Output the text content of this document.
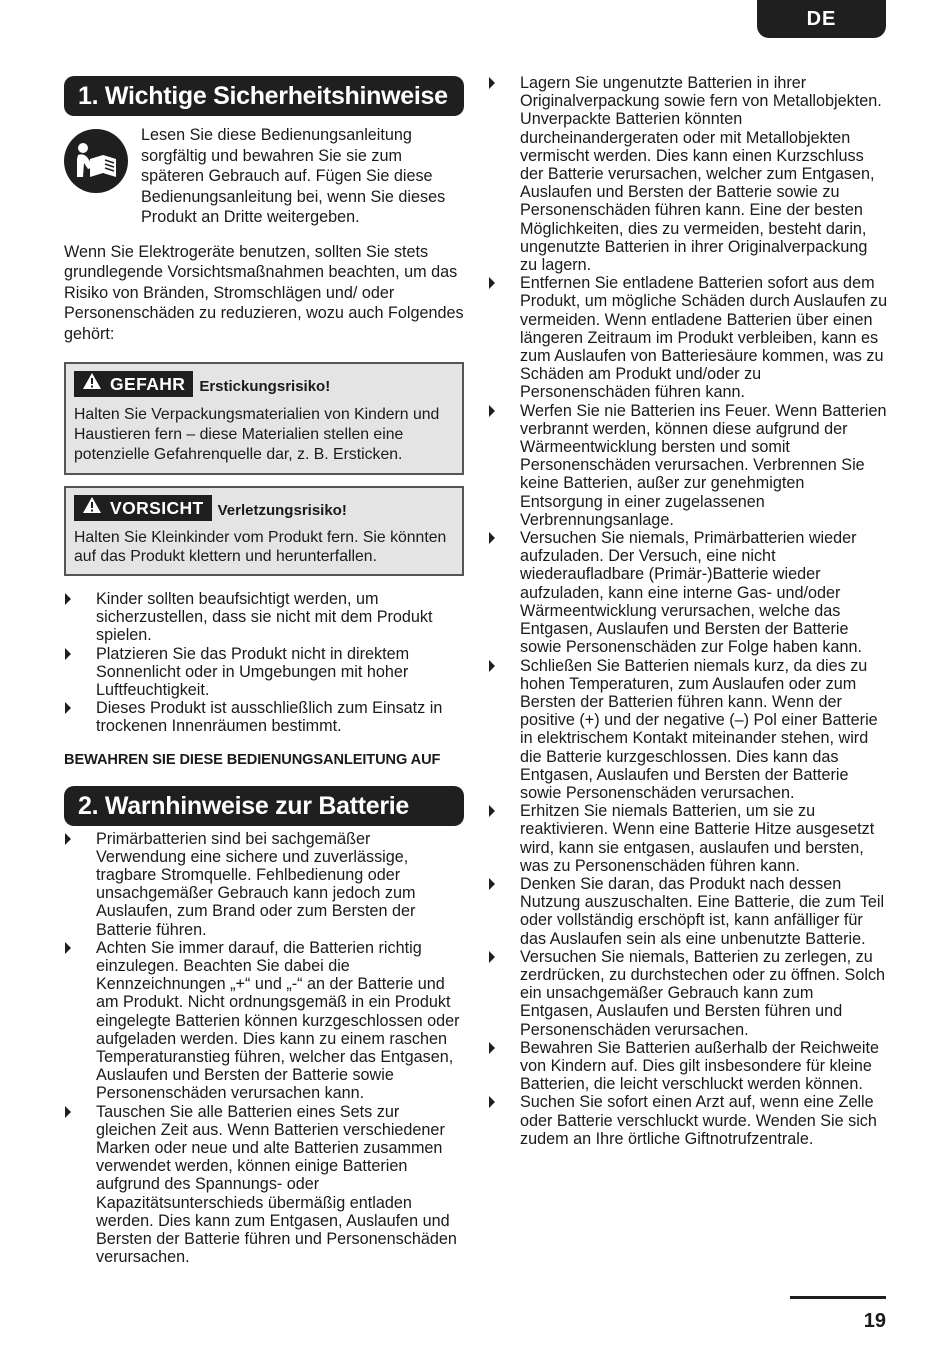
DE
1. Wichtige Sicherheitshinweise
Lesen Sie diese Bedienungsanleitung sorgfältig und bewahren Sie sie zum späteren Gebrauch auf. Fügen Sie diese Bedienungsanleitung bei, wenn Sie dieses Produkt an Dritte weitergeben.
Wenn Sie Elektrogeräte benutzen, sollten Sie stets grundlegende Vorsichtsmaßnahmen beachten, um das Risiko von Bränden, Stromschlägen und/ oder Personenschäden zu reduzieren, wozu auch Folgendes gehört:
GEFAHR Erstickungsrisiko!
Halten Sie Verpackungsmaterialien von Kindern und Haustieren fern – diese Materialien stellen eine potenzielle Gefahrenquelle dar, z. B. Ersticken.
VORSICHT Verletzungsrisiko!
Halten Sie Kleinkinder vom Produkt fern. Sie könnten auf das Produkt klettern und herunterfallen.
Kinder sollten beaufsichtigt werden, um sicherzustellen, dass sie nicht mit dem Produkt spielen.
Platzieren Sie das Produkt nicht in direktem Sonnenlicht oder in Umgebungen mit hoher Luftfeuchtigkeit.
Dieses Produkt ist ausschließlich zum Einsatz in trockenen Innenräumen bestimmt.
BEWAHREN SIE DIESE BEDIENUNGSANLEITUNG AUF
2. Warnhinweise zur Batterie
Primärbatterien sind bei sachgemäßer Verwendung eine sichere und zuverlässige, tragbare Stromquelle. Fehlbedienung oder unsachgemäßer Gebrauch kann jedoch zum Auslaufen, zum Brand oder zum Bersten der Batterie führen.
Achten Sie immer darauf, die Batterien richtig einzulegen. Beachten Sie dabei die Kennzeichnungen „+“ und „-“ an der Batterie und am Produkt. Nicht ordnungsgemäß in ein Produkt eingelegte Batterien können kurzgeschlossen oder aufgeladen werden. Dies kann zu einem raschen Temperaturanstieg führen, welcher das Entgasen, Auslaufen und Bersten der Batterie sowie Personenschäden verursachen kann.
Tauschen Sie alle Batterien eines Sets zur gleichen Zeit aus. Wenn Batterien verschiedener Marken oder neue und alte Batterien zusammen verwendet werden, können einige Batterien aufgrund des Spannungs- oder Kapazitätsunterschieds übermäßig entladen werden. Dies kann zum Entgasen, Auslaufen und Bersten der Batterie führen und Personenschäden verursachen.
Lagern Sie ungenutzte Batterien in ihrer Originalverpackung sowie fern von Metallobjekten. Unverpackte Batterien könnten durcheinandergeraten oder mit Metallobjekten vermischt werden. Dies kann einen Kurzschluss der Batterie verursachen, welcher zum Entgasen, Auslaufen und Bersten der Batterie sowie zu Personenschäden führen kann. Eine der besten Möglichkeiten, dies zu vermeiden, besteht darin, ungenutzte Batterien in ihrer Originalverpackung zu lagern.
Entfernen Sie entladene Batterien sofort aus dem Produkt, um mögliche Schäden durch Auslaufen zu vermeiden. Wenn entladene Batterien über einen längeren Zeitraum im Produkt verbleiben, kann es zum Auslaufen von Batteriesäure kommen, was zu Schäden am Produkt und/oder zu Personenschäden führen kann.
Werfen Sie nie Batterien ins Feuer. Wenn Batterien verbrannt werden, können diese aufgrund der Wärmeentwicklung bersten und somit Personenschäden verursachen. Verbrennen Sie keine Batterien, außer zur genehmigten Entsorgung in einer zugelassenen Verbrennungsanlage.
Versuchen Sie niemals, Primärbatterien wieder aufzuladen. Der Versuch, eine nicht wiederaufladbare (Primär-)Batterie wieder aufzuladen, kann eine interne Gas- und/oder Wärmeentwicklung verursachen, welche das Entgasen, Auslaufen und Bersten der Batterie sowie Personenschäden zur Folge haben kann.
Schließen Sie Batterien niemals kurz, da dies zu hohen Temperaturen, zum Auslaufen oder zum Bersten der Batterien führen kann. Wenn der positive (+) und der negative (–) Pol einer Batterie in elektrischem Kontakt miteinander stehen, wird die Batterie kurzgeschlossen. Dies kann das Entgasen, Auslaufen und Bersten der Batterie sowie Personenschäden verursachen.
Erhitzen Sie niemals Batterien, um sie zu reaktivieren. Wenn eine Batterie Hitze ausgesetzt wird, kann sie entgasen, auslaufen und bersten, was zu Personenschäden führen kann.
Denken Sie daran, das Produkt nach dessen Nutzung auszuschalten. Eine Batterie, die zum Teil oder vollständig erschöpft ist, kann anfälliger für das Auslaufen sein als eine unbenutzte Batterie.
Versuchen Sie niemals, Batterien zu zerlegen, zu zerdrücken, zu durchstechen oder zu öffnen. Solch ein unsachgemäßer Gebrauch kann zum Entgasen, Auslaufen und Bersten führen und Personenschäden verursachen.
Bewahren Sie Batterien außerhalb der Reichweite von Kindern auf. Dies gilt insbesondere für kleine Batterien, die leicht verschluckt werden können.
Suchen Sie sofort einen Arzt auf, wenn eine Zelle oder Batterie verschluckt wurde. Wenden Sie sich zudem an Ihre örtliche Giftnotrufzentrale.
19
